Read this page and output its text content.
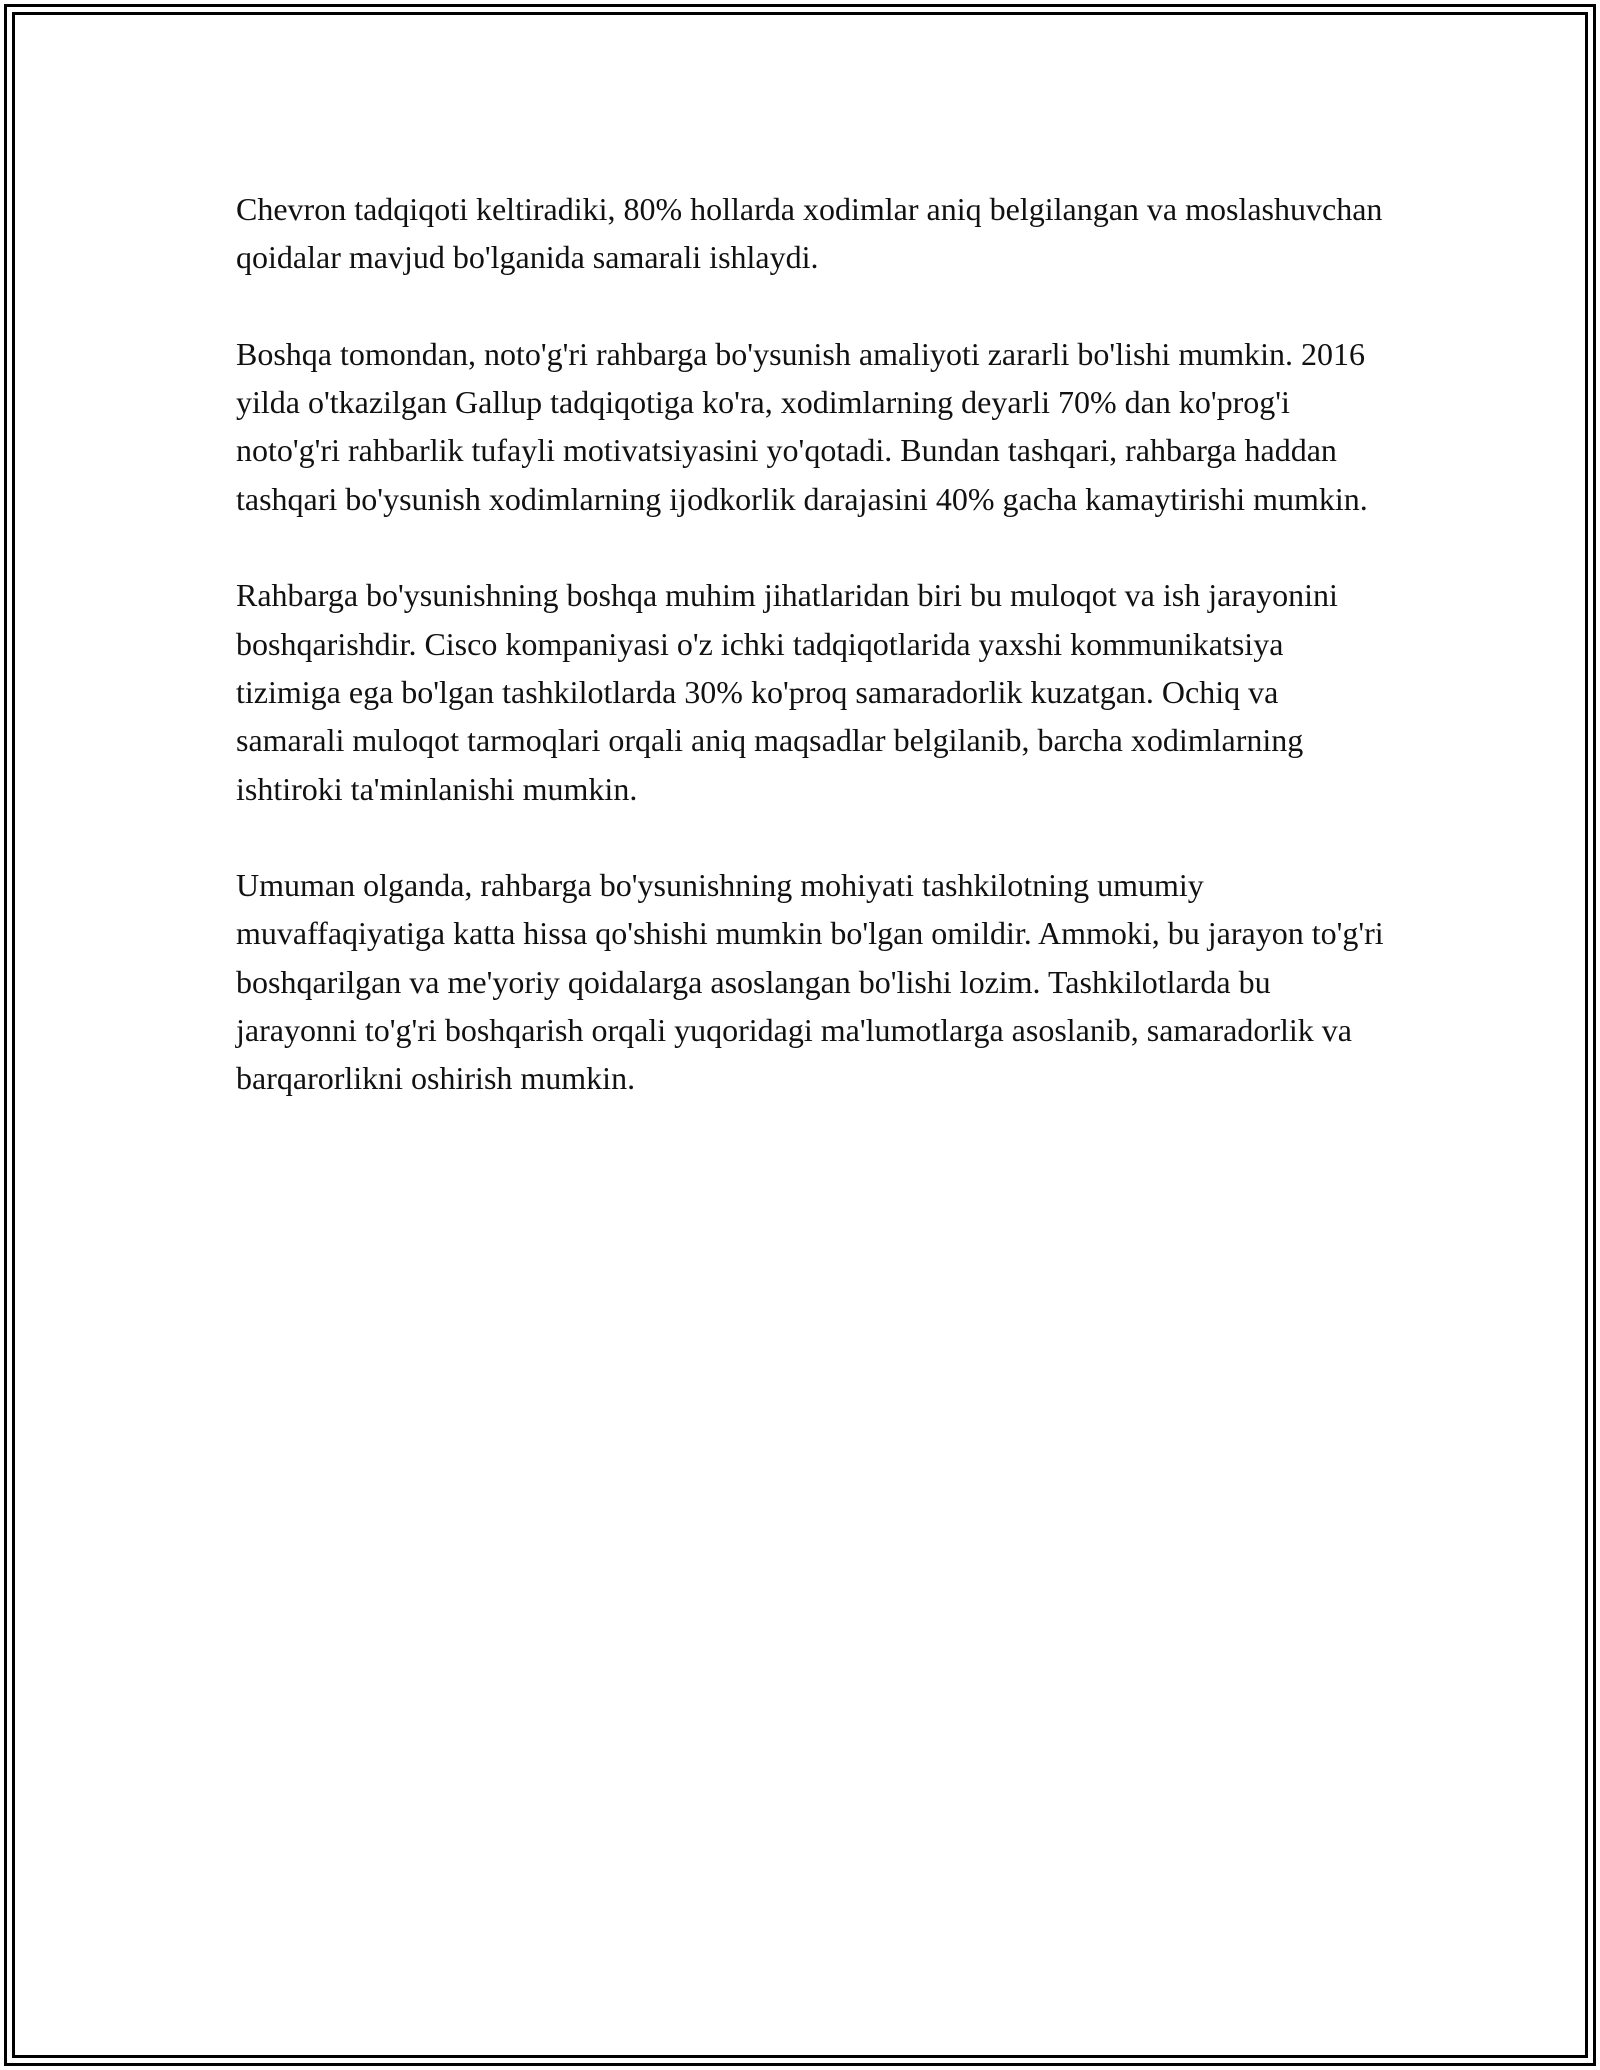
Chevron tadqiqoti keltiradiki, 80% hollarda xodimlar aniq belgilangan va moslashuvchan qoidalar mavjud bo'lganida samarali ishlaydi.

Boshqa tomondan, noto'g'ri rahbarga bo'ysunish amaliyoti zararli bo'lishi mumkin. 2016 yilda o'tkazilgan Gallup tadqiqotiga ko'ra, xodimlarning deyarli 70% dan ko'prog'i noto'g'ri rahbarlik tufayli motivatsiyasini yo'qotadi. Bundan tashqari, rahbarga haddan tashqari bo'ysunish xodimlarning ijodkorlik darajasini 40% gacha kamaytirishi mumkin.

Rahbarga bo'ysunishning boshqa muhim jihatlaridan biri bu muloqot va ish jarayonini boshqarishdir. Cisco kompaniyasi o'z ichki tadqiqotlarida yaxshi kommunikatsiya tizimiga ega bo'lgan tashkilotlarda 30% ko'proq samaradorlik kuzatgan. Ochiq va samarali muloqot tarmoqlari orqali aniq maqsadlar belgilanib, barcha xodimlarning ishtiroki ta'minlanishi mumkin.

Umuman olganda, rahbarga bo'ysunishning mohiyati tashkilotning umumiy muvaffaqiyatiga katta hissa qo'shishi mumkin bo'lgan omildir. Ammoki, bu jarayon to'g'ri boshqarilgan va me'yoriy qoidalarga asoslangan bo'lishi lozim. Tashkilotlarda bu jarayonni to'g'ri boshqarish orqali yuqoridagi ma'lumotlarga asoslanib, samaradorlik va barqarorlikni oshirish mumkin.
